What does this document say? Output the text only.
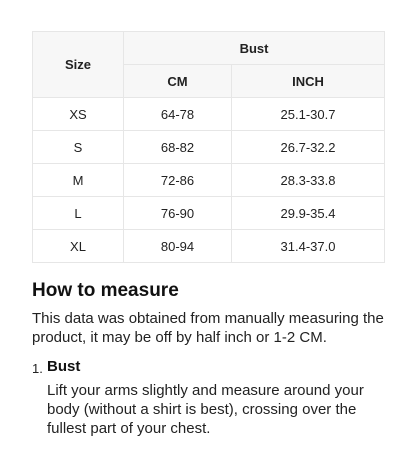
Size	Bust	
	CM	INCH
XS	64-78	25.1-30.7
S	68-82	26.7-32.2
M	72-86	28.3-33.8
L	76-90	29.9-35.4
XL	80-94	31.4-37.0
How to measure

This data was obtained from manually measuring the product, it may be off by half inch or 1-2 CM.

1. Bust
Lift your arms slightly and measure around your body (without a shirt is best), crossing over the fullest part of your chest.
